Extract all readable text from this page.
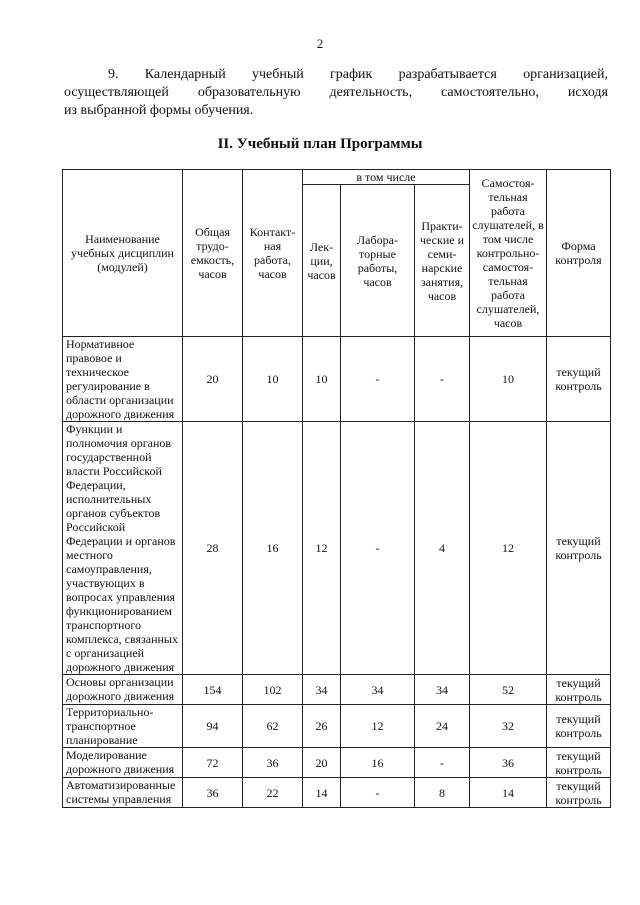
2
9. Календарный учебный график разрабатывается организацией,
осуществляющей образовательную деятельность, самостоятельно, исходя
из выбранной формы обучения.
II. Учебный план Программы
Наименование учебных дисциплин (модулей)	Общая трудо- емкость, часов	Контакт- ная работа, часов	в том числе			Самостоя- тельная работа слушателей, в том числе контрольно- самостоя- тельная работа слушателей, часов	Форма контроля
			Лек- ции, часов	Лабора- торные работы, часов	Практи- ческие и семи- нарские занятия, часов		
Нормативное правовое и техническое регулирование в области организации дорожного движения	20	10	10	-	-	10	текущий контроль
Функции и полномочия органов государственной власти Российской Федерации, исполнительных органов субъектов Российской Федерации и органов местного самоуправления, участвующих в вопросах управления функционированием транспортного комплекса, связанных с организацией дорожного движения	28	16	12	-	4	12	текущий контроль
Основы организации дорожного движения	154	102	34	34	34	52	текущий контроль
Территориально- транспортное планирование	94	62	26	12	24	32	текущий контроль
Моделирование дорожного движения	72	36	20	16	-	36	текущий контроль
Автоматизированные системы управления	36	22	14	-	8	14	текущий контроль
